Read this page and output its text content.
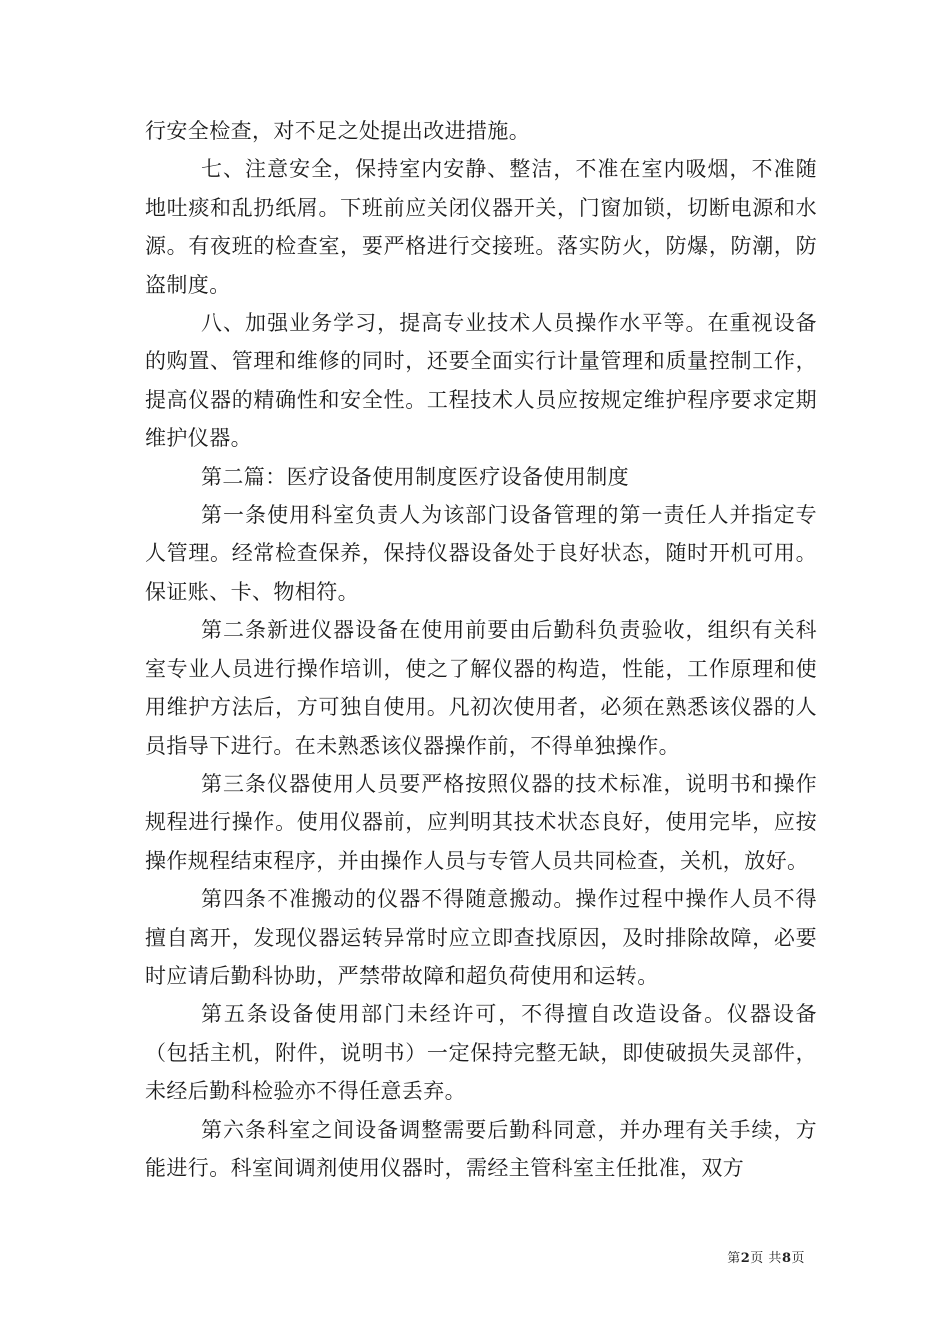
行安全检查，对不足之处提出改进措施。

七、注意安全，保持室内安静、整洁，不准在室内吸烟，不准随地吐痰和乱扔纸屑。下班前应关闭仪器开关，门窗加锁，切断电源和水源。有夜班的检查室，要严格进行交接班。落实防火，防爆，防潮，防盗制度。

八、加强业务学习，提高专业技术人员操作水平等。在重视设备的购置、管理和维修的同时，还要全面实行计量管理和质量控制工作，提高仪器的精确性和安全性。工程技术人员应按规定维护程序要求定期维护仪器。

第二篇：医疗设备使用制度医疗设备使用制度

第一条使用科室负责人为该部门设备管理的第一责任人并指定专人管理。经常检查保养，保持仪器设备处于良好状态，随时开机可用。保证账、卡、物相符。

第二条新进仪器设备在使用前要由后勤科负责验收，组织有关科室专业人员进行操作培训，使之了解仪器的构造，性能，工作原理和使用维护方法后，方可独自使用。凡初次使用者，必须在熟悉该仪器的人员指导下进行。在未熟悉该仪器操作前，不得单独操作。

第三条仪器使用人员要严格按照仪器的技术标准，说明书和操作规程进行操作。使用仪器前，应判明其技术状态良好，使用完毕，应按操作规程结束程序，并由操作人员与专管人员共同检查，关机，放好。

第四条不准搬动的仪器不得随意搬动。操作过程中操作人员不得擅自离开，发现仪器运转异常时应立即查找原因，及时排除故障，必要时应请后勤科协助，严禁带故障和超负荷使用和运转。

第五条设备使用部门未经许可，不得擅自改造设备。仪器设备（包括主机，附件，说明书）一定保持完整无缺，即使破损失灵部件，未经后勤科检验亦不得任意丢弃。

第六条科室之间设备调整需要后勤科同意，并办理有关手续，方能进行。科室间调剂使用仪器时，需经主管科室主任批准，双方

第2页 共8页
